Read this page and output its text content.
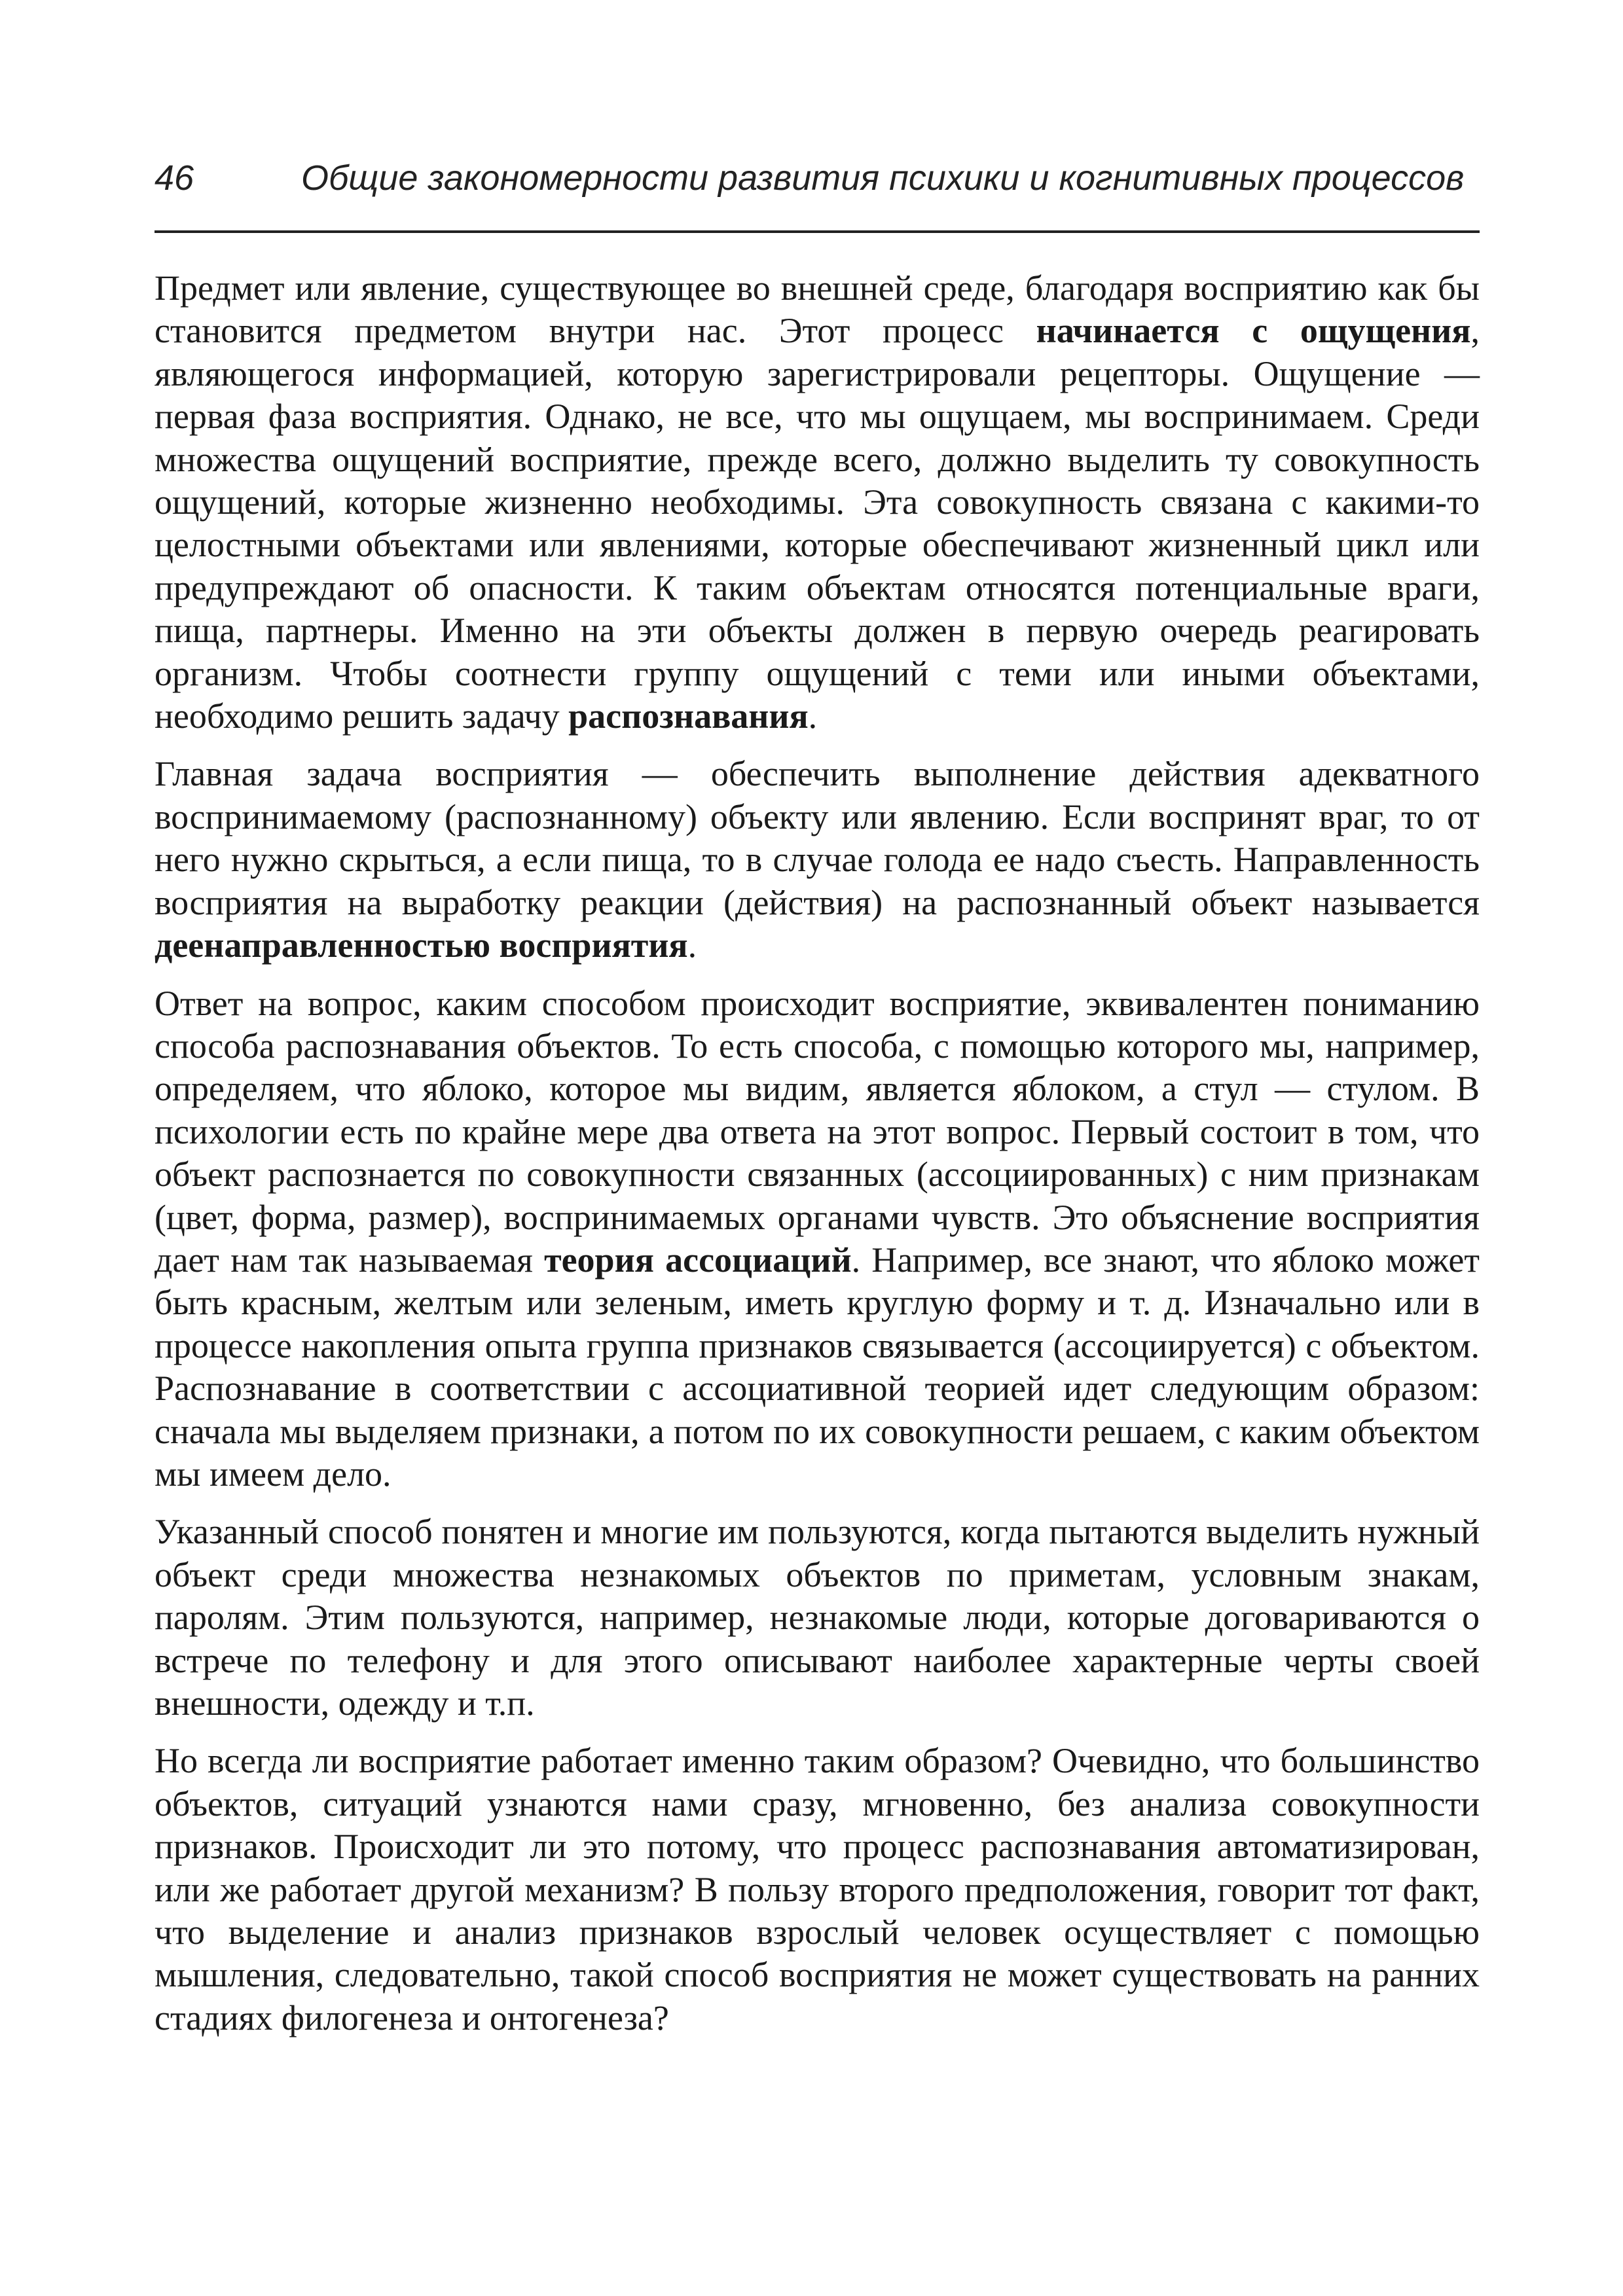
46	Общие закономерности развития психики и когнитивных процессов

Предмет или явление, существующее во внешней среде, благодаря восприятию как бы становится предметом внутри нас. Этот процесс начинается с ощущения, являющегося информацией, которую зарегистрировали рецепторы. Ощущение — первая фаза восприятия. Однако, не все, что мы ощущаем, мы воспринимаем. Среди множества ощущений восприятие, прежде всего, должно выделить ту совокупность ощущений, которые жизненно необходимы. Эта совокупность связана с какими-то целостными объектами или явлениями, которые обеспечивают жизненный цикл или предупреждают об опасности. К таким объектам относятся потенциальные враги, пища, партнеры. Именно на эти объекты должен в первую очередь реагировать организм. Чтобы соотнести группу ощущений с теми или иными объектами, необходимо решить задачу распознавания.

Главная задача восприятия — обеспечить выполнение действия адекватного воспринимаемому (распознанному) объекту или явлению. Если воспринят враг, то от него нужно скрыться, а если пища, то в случае голода ее надо съесть. Направленность восприятия на выработку реакции (действия) на распознанный объект называется деенаправленностью восприятия.

Ответ на вопрос, каким способом происходит восприятие, эквивалентен пониманию способа распознавания объектов. То есть способа, с помощью которого мы, например, определяем, что яблоко, которое мы видим, является яблоком, а стул — стулом. В психологии есть по крайне мере два ответа на этот вопрос. Первый состоит в том, что объект распознается по совокупности связанных (ассоциированных) с ним признакам (цвет, форма, размер), воспринимаемых органами чувств. Это объяснение восприятия дает нам так называемая теория ассоциаций. Например, все знают, что яблоко может быть красным, желтым или зеленым, иметь круглую форму и т. д. Изначально или в процессе накопления опыта группа признаков связывается (ассоциируется) с объектом. Распознавание в соответствии с ассоциативной теорией идет следующим образом: сначала мы выделяем признаки, а потом по их совокупности решаем, с каким объектом мы имеем дело.

Указанный способ понятен и многие им пользуются, когда пытаются выделить нужный объект среди множества незнакомых объектов по приметам, условным знакам, паролям. Этим пользуются, например, незнакомые люди, которые договариваются о встрече по телефону и для этого описывают наиболее характерные черты своей внешности, одежду и т.п.

Но всегда ли восприятие работает именно таким образом? Очевидно, что большинство объектов, ситуаций узнаются нами сразу, мгновенно, без анализа совокупности признаков. Происходит ли это потому, что процесс распознавания автоматизирован, или же работает другой механизм? В пользу второго предположения, говорит тот факт, что выделение и анализ признаков взрослый человек осуществляет с помощью мышления, следовательно, такой способ восприятия не может существовать на ранних стадиях филогенеза и онтогенеза?
